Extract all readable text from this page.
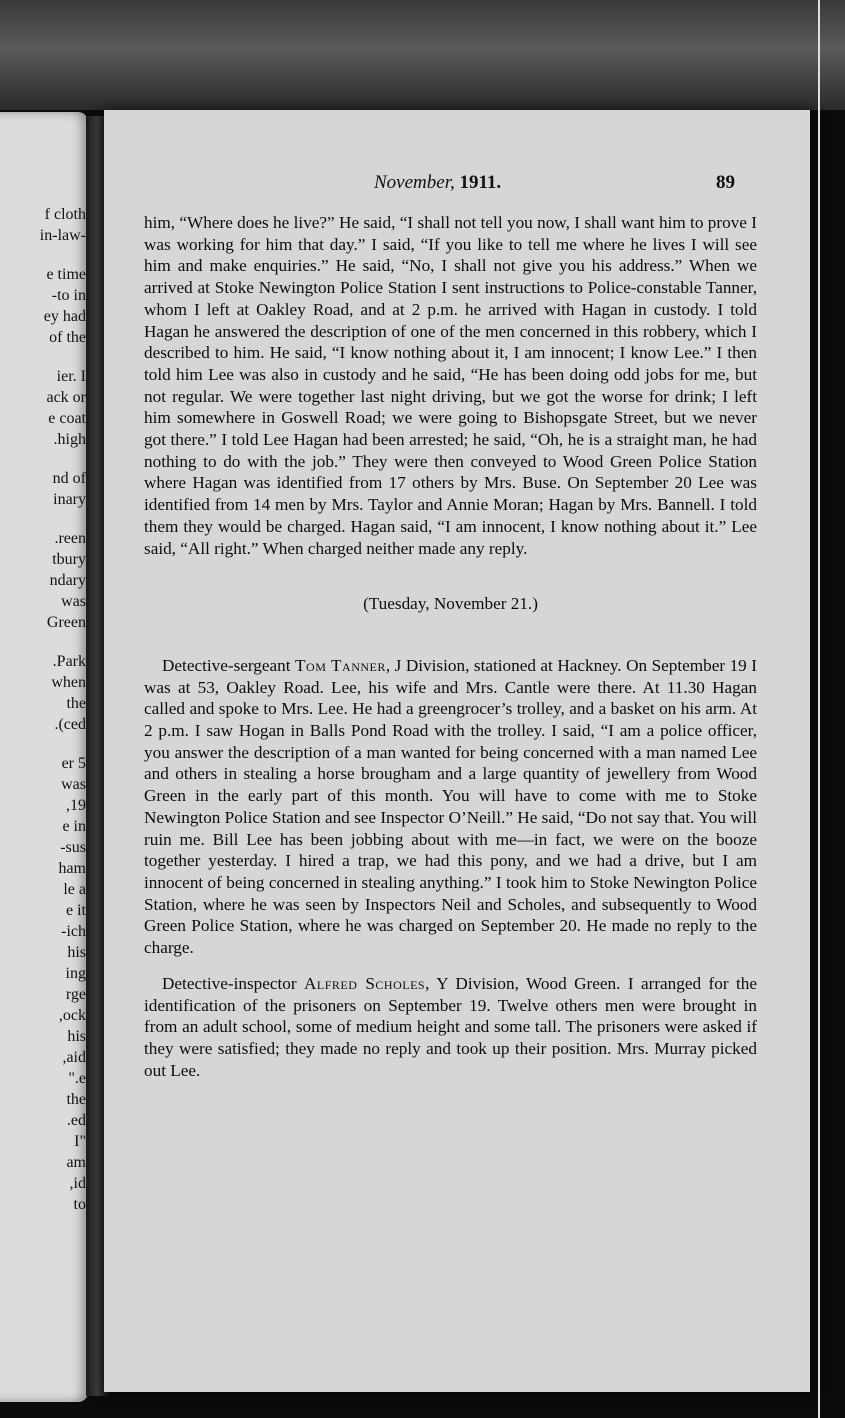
f cloth
-in-law
e time
to in-
ey had
of the
ier. I
ack or
e coat
high.
nd of
inary
reen.
tbury
ndary
was
Green
Park.
when
the
ced).
er 5
was
19,
e in
sus-
ham
le a
e it
ich-
his
ing
rge
ock,
his
aid,
e."
the
ed.
"I
am
id,
to
November, 1911.	89

him, “Where does he live?” He said, “I shall not tell you now, I shall want him to prove I was working for him that day.” I said, “If you like to tell me where he lives I will see him and make enquiries.” He said, “No, I shall not give you his address.” When we arrived at Stoke Newington Police Station I sent instructions to Police-constable Tanner, whom I left at Oakley Road, and at 2 p.m. he arrived with Hagan in custody. I told Hagan he answered the description of one of the men concerned in this robbery, which I described to him. He said, “I know nothing about it, I am innocent; I know Lee.” I then told him Lee was also in custody and he said, “He has been doing odd jobs for me, but not regular. We were together last night driving, but we got the worse for drink; I left him somewhere in Goswell Road; we were going to Bishopsgate Street, but we never got there.” I told Lee Hagan had been arrested; he said, “Oh, he is a straight man, he had nothing to do with the job.” They were then conveyed to Wood Green Police Station where Hagan was identified from 17 others by Mrs. Buse. On September 20 Lee was identified from 14 men by Mrs. Taylor and Annie Moran; Hagan by Mrs. Bannell. I told them they would be charged. Hagan said, “I am innocent, I know nothing about it.” Lee said, “All right.” When charged neither made any reply.

(Tuesday, November 21.)

Detective-sergeant Tom Tanner, J Division, stationed at Hackney. On September 19 I was at 53, Oakley Road. Lee, his wife and Mrs. Cantle were there. At 11.30 Hagan called and spoke to Mrs. Lee. He had a greengrocer’s trolley, and a basket on his arm. At 2 p.m. I saw Hogan in Balls Pond Road with the trolley. I said, “I am a police officer, you answer the description of a man wanted for being concerned with a man named Lee and others in stealing a horse brougham and a large quantity of jewellery from Wood Green in the early part of this month. You will have to come with me to Stoke Newington Police Station and see Inspector O’Neill.” He said, “Do not say that. You will ruin me. Bill Lee has been jobbing about with me—in fact, we were on the booze together yesterday. I hired a trap, we had this pony, and we had a drive, but I am innocent of being concerned in stealing anything.” I took him to Stoke Newington Police Station, where he was seen by Inspectors Neil and Scholes, and subsequently to Wood Green Police Station, where he was charged on September 20. He made no reply to the charge.

Detective-inspector Alfred Scholes, Y Division, Wood Green. I arranged for the identification of the prisoners on September 19. Twelve others men were brought in from an adult school, some of medium height and some tall. The prisoners were asked if they were satisfied; they made no reply and took up their position. Mrs. Murray picked out Lee.
